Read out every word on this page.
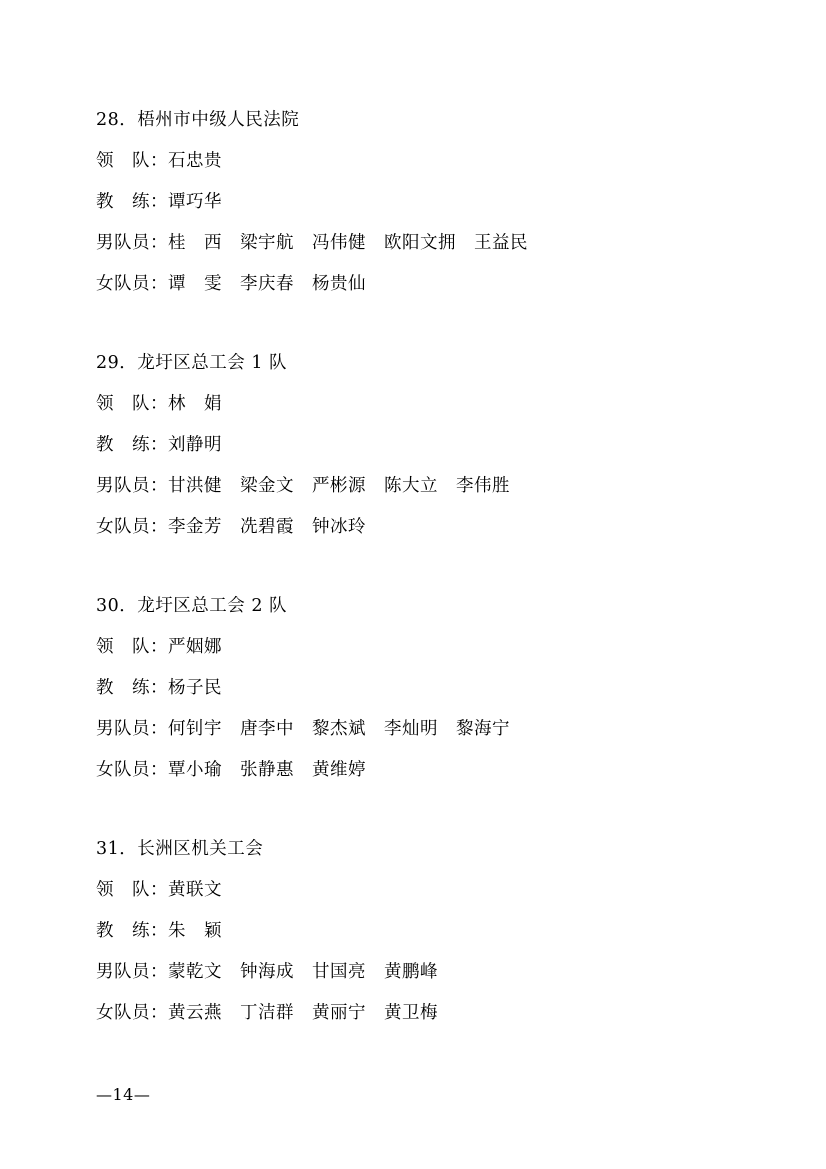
28．梧州市中级人民法院
领　队：石忠贵
教　练：谭巧华
男队员：桂　西　梁宇航　冯伟健　欧阳文拥　王益民
女队员：谭　雯　李庆春　杨贵仙
29．龙圩区总工会 1 队
领　队：林　娟
教　练：刘静明
男队员：甘洪健　梁金文　严彬源　陈大立　李伟胜
女队员：李金芳　冼碧霞　钟冰玲
30．龙圩区总工会 2 队
领　队：严姻娜
教　练：杨子民
男队员：何钊宇　唐李中　黎杰斌　李灿明　黎海宁
女队员：覃小瑜　张静惠　黄维婷
31．长洲区机关工会
领　队：黄联文
教　练：朱　颖
男队员：蒙乾文　钟海成　甘国亮　黄鹏峰
女队员：黄云燕　丁洁群　黄丽宁　黄卫梅
—14—
